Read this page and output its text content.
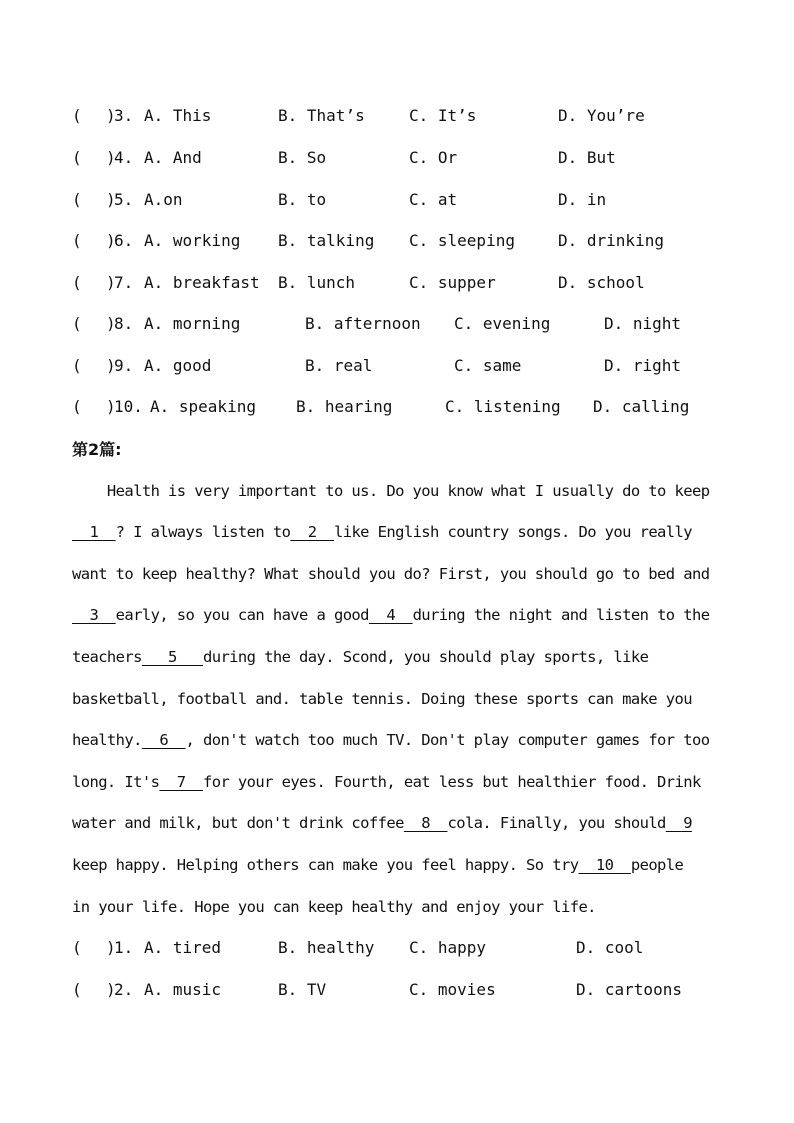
( )
3. A. This	B. That’s	C. It’s	D. You’re
( )
4. A. And	B. So	C. Or	D. But
( )
5. A.on	B. to	C. at	D. in
( )
6. A. working B. talking C. sleeping	D. drinking
( )
7. A. breakfast B. lunch	C. supper	D. school
( )
8. A. morning	B. afternoon C. evening	D. night
( )
9. A. good	B. real	C. same	D. right
( )
10. A. speaking	B. hearing	C. listening D. calling
第2篇:
Health is very important to us. Do you know what I usually do to keep
1  ? I always listen to  2  like English country songs. Do you really
want to keep healthy? What should you do? First, you should go to bed and
3  early, so you can have a good  4  during the night and listen to the
teachers   5   during the day. Scond, you should play sports, like
basketball, football and. table tennis. Doing these sports can make you
healthy.  6  , don't watch too much TV. Don't play computer games for too
long. It's  7  for your eyes. Fourth, eat less but healthier food. Drink
water and milk, but don't drink coffee  8  cola. Finally, you should  9
keep happy. Helping others can make you feel happy. So try  10  people
in your life. Hope you can keep healthy and enjoy your life.
( )
1. A. tired	B. healthy C. happy	D. cool
( )
2. A. music	B. TV	C. movies	D. cartoons
